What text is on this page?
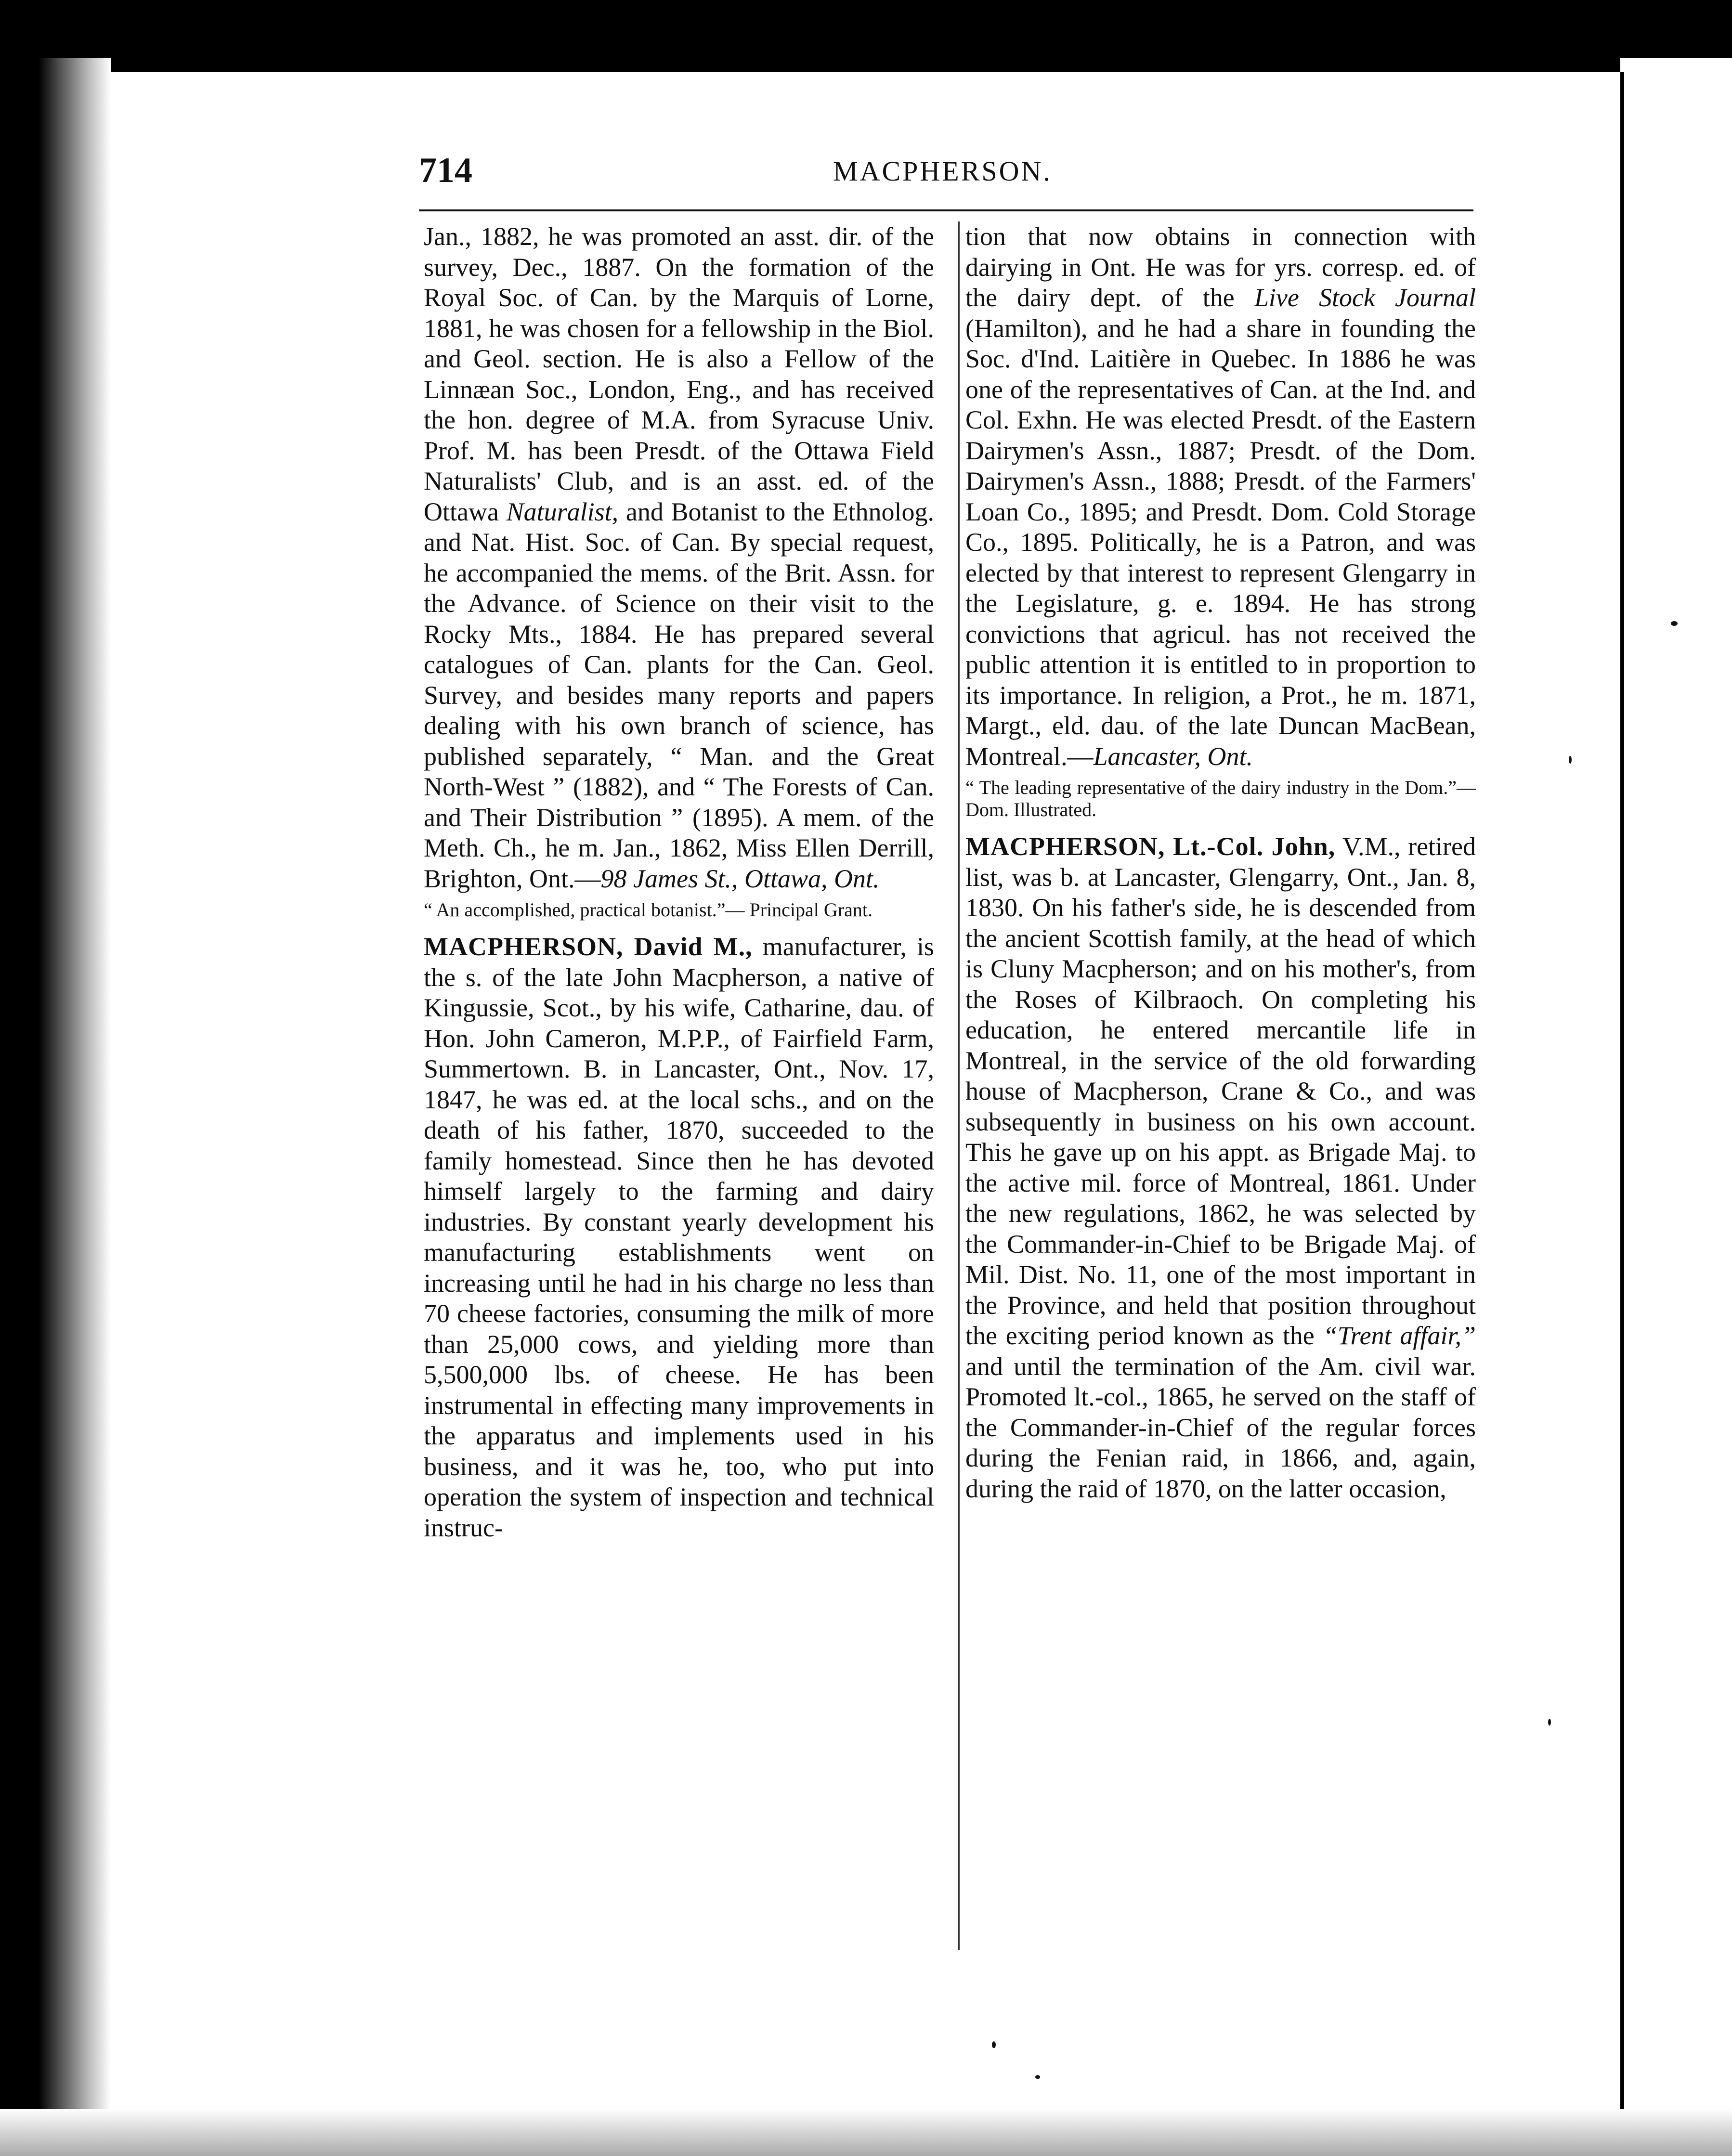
714	MACPHERSON.

Jan., 1882, he was promoted an asst. dir. of the survey, Dec., 1887. On the formation of the Royal Soc. of Can. by the Marquis of Lorne, 1881, he was chosen for a fellowship in the Biol. and Geol. section. He is also a Fellow of the Linnæan Soc., London, Eng., and has received the hon. degree of M.A. from Syracuse Univ. Prof. M. has been Presdt. of the Ottawa Field Naturalists' Club, and is an asst. ed. of the Ottawa Naturalist, and Botanist to the Ethnolog. and Nat. Hist. Soc. of Can. By special request, he accompanied the mems. of the Brit. Assn. for the Advance. of Science on their visit to the Rocky Mts., 1884. He has prepared several catalogues of Can. plants for the Can. Geol. Survey, and besides many reports and papers dealing with his own branch of science, has published separately, “ Man. and the Great North-West ” (1882), and “ The Forests of Can. and Their Distribution ” (1895). A mem. of the Meth. Ch., he m. Jan., 1862, Miss Ellen Derrill, Brighton, Ont.—98 James St., Ottawa, Ont.

“ An accomplished, practical botanist.”— Principal Grant.

MACPHERSON, David M., manufacturer, is the s. of the late John Macpherson, a native of Kingussie, Scot., by his wife, Catharine, dau. of Hon. John Cameron, M.P.P., of Fairfield Farm, Summertown. B. in Lancaster, Ont., Nov. 17, 1847, he was ed. at the local schs., and on the death of his father, 1870, succeeded to the family homestead. Since then he has devoted himself largely to the farming and dairy industries. By constant yearly development his manufacturing establishments went on increasing until he had in his charge no less than 70 cheese factories, consuming the milk of more than 25,000 cows, and yielding more than 5,500,000 lbs. of cheese. He has been instrumental in effecting many improvements in the apparatus and implements used in his business, and it was he, too, who put into operation the system of inspection and technical instruc-

tion that now obtains in connection with dairying in Ont. He was for yrs. corresp. ed. of the dairy dept. of the Live Stock Journal (Hamilton), and he had a share in founding the Soc. d'Ind. Laitière in Quebec. In 1886 he was one of the representatives of Can. at the Ind. and Col. Exhn. He was elected Presdt. of the Eastern Dairymen's Assn., 1887; Presdt. of the Dom. Dairymen's Assn., 1888; Presdt. of the Farmers' Loan Co., 1895; and Presdt. Dom. Cold Storage Co., 1895. Politically, he is a Patron, and was elected by that interest to represent Glengarry in the Legislature, g. e. 1894. He has strong convictions that agricul. has not received the public attention it is entitled to in proportion to its importance. In religion, a Prot., he m. 1871, Margt., eld. dau. of the late Duncan MacBean, Montreal.—Lancaster, Ont.

“ The leading representative of the dairy industry in the Dom.”— Dom. Illustrated.

MACPHERSON, Lt.-Col. John, V.M., retired list, was b. at Lancaster, Glengarry, Ont., Jan. 8, 1830. On his father's side, he is descended from the ancient Scottish family, at the head of which is Cluny Macpherson; and on his mother's, from the Roses of Kilbraoch. On completing his education, he entered mercantile life in Montreal, in the service of the old forwarding house of Macpherson, Crane & Co., and was subsequently in business on his own account. This he gave up on his appt. as Brigade Maj. to the active mil. force of Montreal, 1861. Under the new regulations, 1862, he was selected by the Commander-in-Chief to be Brigade Maj. of Mil. Dist. No. 11, one of the most important in the Province, and held that position throughout the exciting period known as the “Trent affair,” and until the termination of the Am. civil war. Promoted lt.-col., 1865, he served on the staff of the Commander-in-Chief of the regular forces during the Fenian raid, in 1866, and, again, during the raid of 1870, on the latter occasion,
